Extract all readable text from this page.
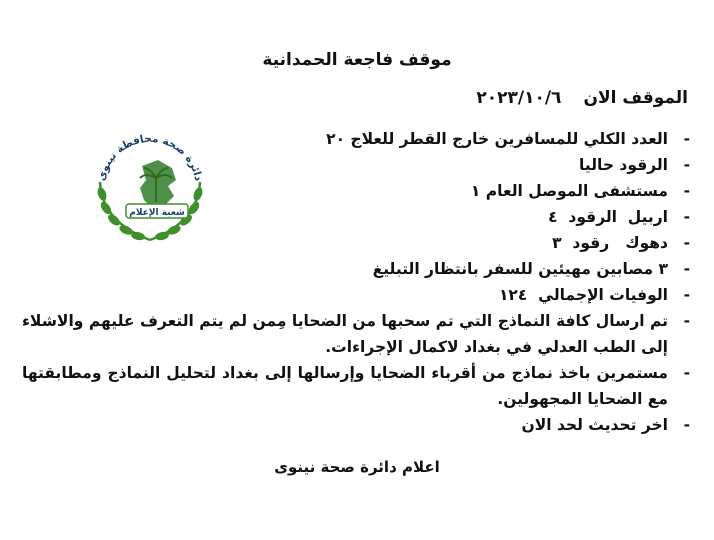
موقف فاجعة الحمدانية
الموقف الان٢٠٢٣/١٠/٦
- العدد الكلي للمسافرين خارج القطر للعلاج ٢٠
- الرقود حاليا
- مستشفى الموصل العام ١
- اربيل  الرقود  ٤
- دهوك   رقود  ٣
- ٣ مصابين مهيئين للسفر بانتظار التبليغ
- الوفيات الإجمالي  ١٢٤
- تم ارسال كافة النماذج التي تم سحبها من الضحايا مِمن لم يتم التعرف عليهم والاشلاء إلى الطب العدلي في بغداد لاكمال الإجراءات.
- مستمرين باخذ نماذج من أقرباء الضحايا وإرسالها إلى بغداد لتحليل النماذج ومطابقتها مع الضحايا المجهولين.
- اخر تحديث لحد الان
اعلام دائرة صحة نينوى
دائرة صحة محافظة نينوى
شعبة الإعلام
